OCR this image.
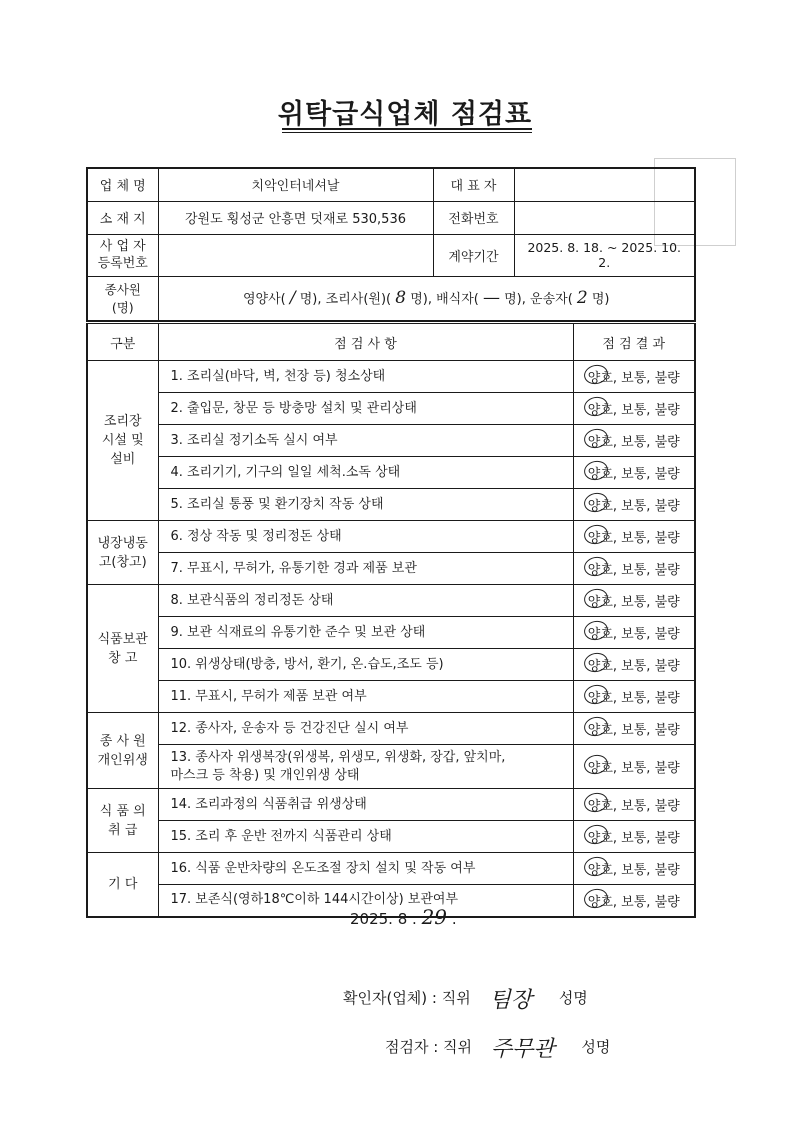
위탁급식업체 점검표
업 체 명	치악인터네셔날	대 표 자	
소 재 지	강원도 횡성군 안흥면 덧재로 530,536	전화번호	
사 업 자
등록번호		계약기간	2025. 8. 18. ~ 2025. 10. 2.
종사원(명)	영양사( / 명), 조리사(원)( 8 명), 배식자( — 명), 운송자( 2 명)		
구분	점 검 사 항	점 검 결 과
조리장
시설 및
설비	1. 조리실(바닥, 벽, 천장 등) 청소상태	양호, 보통, 불량
	2. 출입문, 창문 등 방충망 설치 및 관리상태	양호, 보통, 불량
	3. 조리실 정기소독 실시 여부	양호, 보통, 불량
	4. 조리기기, 기구의 일일 세척.소독 상태	양호, 보통, 불량
	5. 조리실 통풍 및 환기장치 작동 상태	양호, 보통, 불량
냉장냉동
고(창고)	6. 정상 작동 및 정리정돈 상태	양호, 보통, 불량
	7. 무표시, 무허가, 유통기한 경과 제품 보관	양호, 보통, 불량
식품보관
창 고	8. 보관식품의 정리정돈 상태	양호, 보통, 불량
	9. 보관 식재료의 유통기한 준수 및 보관 상태	양호, 보통, 불량
	10. 위생상태(방충, 방서, 환기, 온.습도,조도 등)	양호, 보통, 불량
	11. 무표시, 무허가 제품 보관 여부	양호, 보통, 불량
종 사 원
개인위생	12. 종사자, 운송자 등 건강진단 실시 여부	양호, 보통, 불량
	13. 종사자 위생복장(위생복, 위생모, 위생화, 장갑, 앞치마,
마스크 등 착용) 및 개인위생 상태	양호, 보통, 불량
식 품 의
취 급	14. 조리과정의 식품취급 위생상태	양호, 보통, 불량
	15. 조리 후 운반 전까지 식품관리 상태	양호, 보통, 불량
기 다	16. 식품 운반차량의 온도조절 장치 설치 및 작동 여부	양호, 보통, 불량
	17. 보존식(영하18℃이하 144시간이상) 보관여부	양호, 보통, 불량
2025. 8 . 29 .
확인자(업체) : 직위 팀장 성명
점검자 : 직위 주무관 성명
